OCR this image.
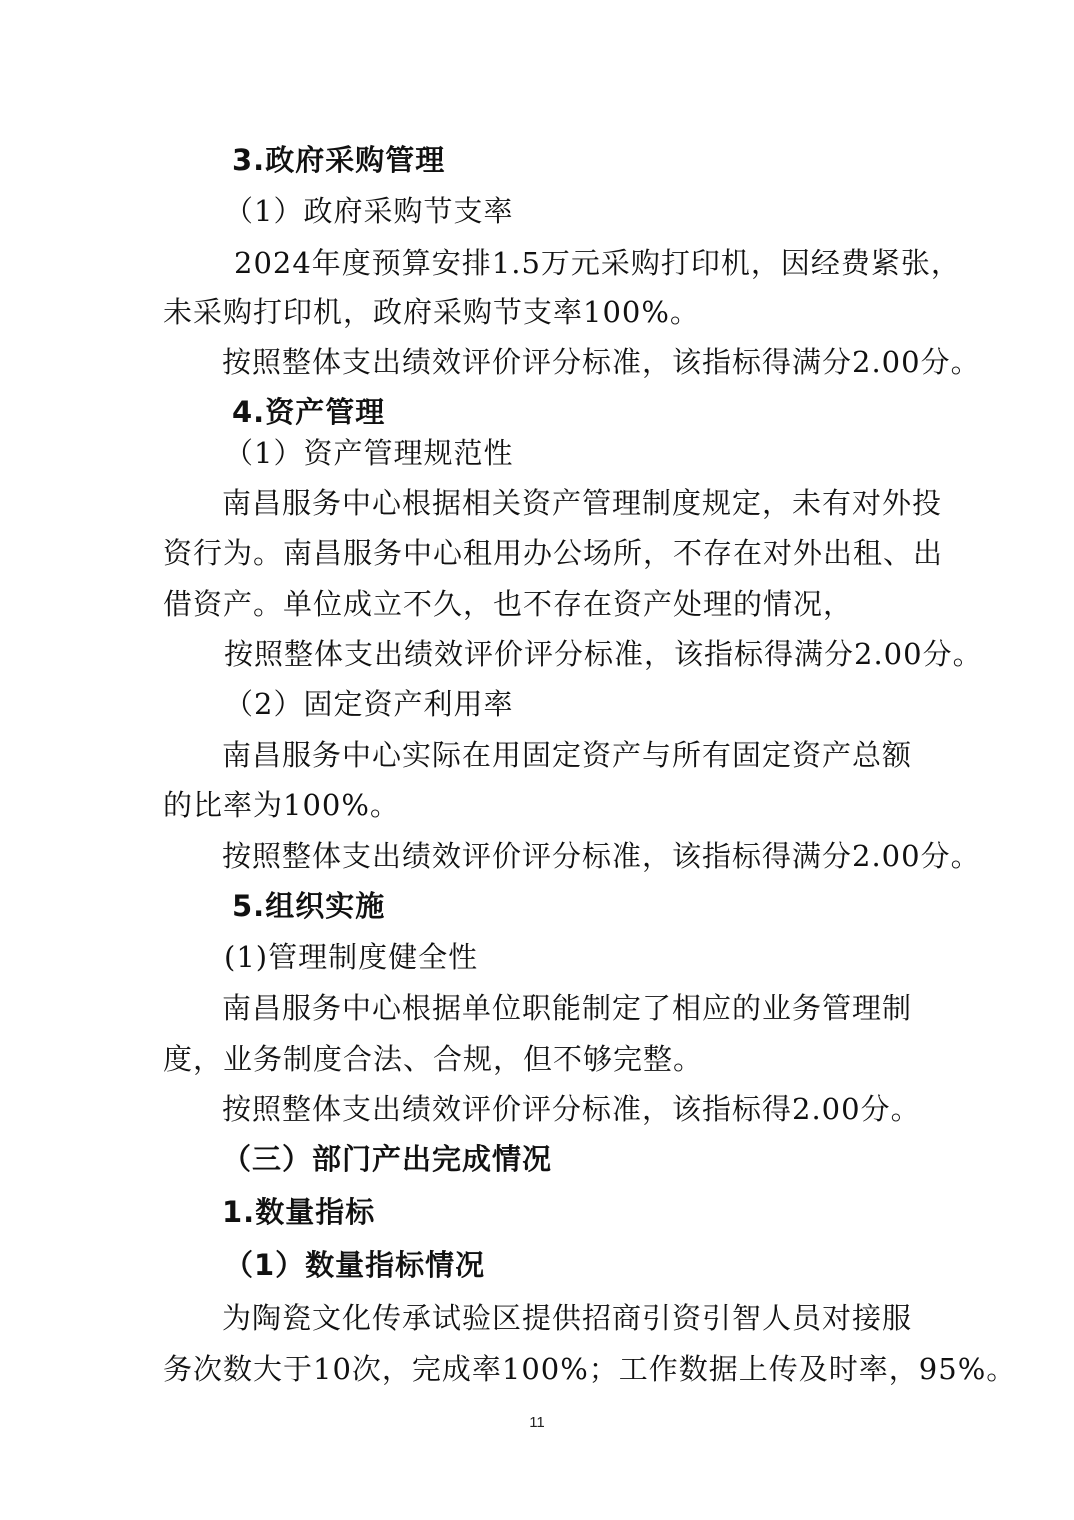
3.政府采购管理
（1）政府采购节支率
2024年度预算安排1.5万元采购打印机，因经费紧张，
未采购打印机，政府采购节支率100%。
按照整体支出绩效评价评分标准，该指标得满分2.00分。
4.资产管理
（1）资产管理规范性
南昌服务中心根据相关资产管理制度规定，未有对外投
资行为。南昌服务中心租用办公场所，不存在对外出租、出
借资产。单位成立不久，也不存在资产处理的情况，
按照整体支出绩效评价评分标准，该指标得满分2.00分。
（2）固定资产利用率
南昌服务中心实际在用固定资产与所有固定资产总额
的比率为100%。
按照整体支出绩效评价评分标准，该指标得满分2.00分。
5.组织实施
(1)管理制度健全性
南昌服务中心根据单位职能制定了相应的业务管理制
度，业务制度合法、合规，但不够完整。
按照整体支出绩效评价评分标准，该指标得2.00分。
（三）部门产出完成情况
1.数量指标
（1）数量指标情况
为陶瓷文化传承试验区提供招商引资引智人员对接服
务次数大于10次，完成率100%；工作数据上传及时率，95%。
11
